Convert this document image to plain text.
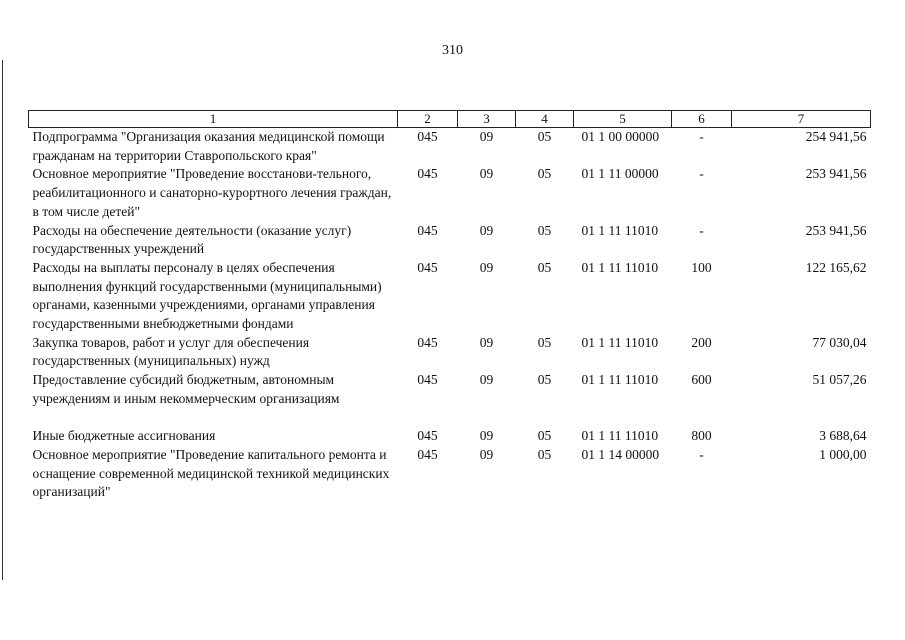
310
1	2	3	4	5	6	7
Подпрограмма "Организация оказания медицинской помощи гражданам на территории Ставропольского края"	045	09	05	01 1 00 00000	-	254 941,56
Основное мероприятие "Проведение восстанови-тельного, реабилитационного и санаторно-курортного лечения граждан, в том числе детей"	045	09	05	01 1 11 00000	-	253 941,56
Расходы на обеспечение деятельности (оказание услуг) государственных учреждений	045	09	05	01 1 11 11010	-	253 941,56
Расходы на выплаты персоналу в целях обеспечения выполнения функций государственными (муниципальными) органами, казенными учреждениями, органами управления государственными внебюджетными фондами	045	09	05	01 1 11 11010	100	122 165,62
Закупка товаров, работ и услуг для обеспечения государственных (муниципальных) нужд	045	09	05	01 1 11 11010	200	77 030,04
Предоставление субсидий бюджетным, автономным учреждениям и иным некоммерческим организациям	045	09	05	01 1 11 11010	600	51 057,26
Иные бюджетные ассигнования	045	09	05	01 1 11 11010	800	3 688,64
Основное мероприятие "Проведение капитального ремонта и оснащение современной медицинской техникой медицинских организаций"	045	09	05	01 1 14 00000	-	1 000,00
